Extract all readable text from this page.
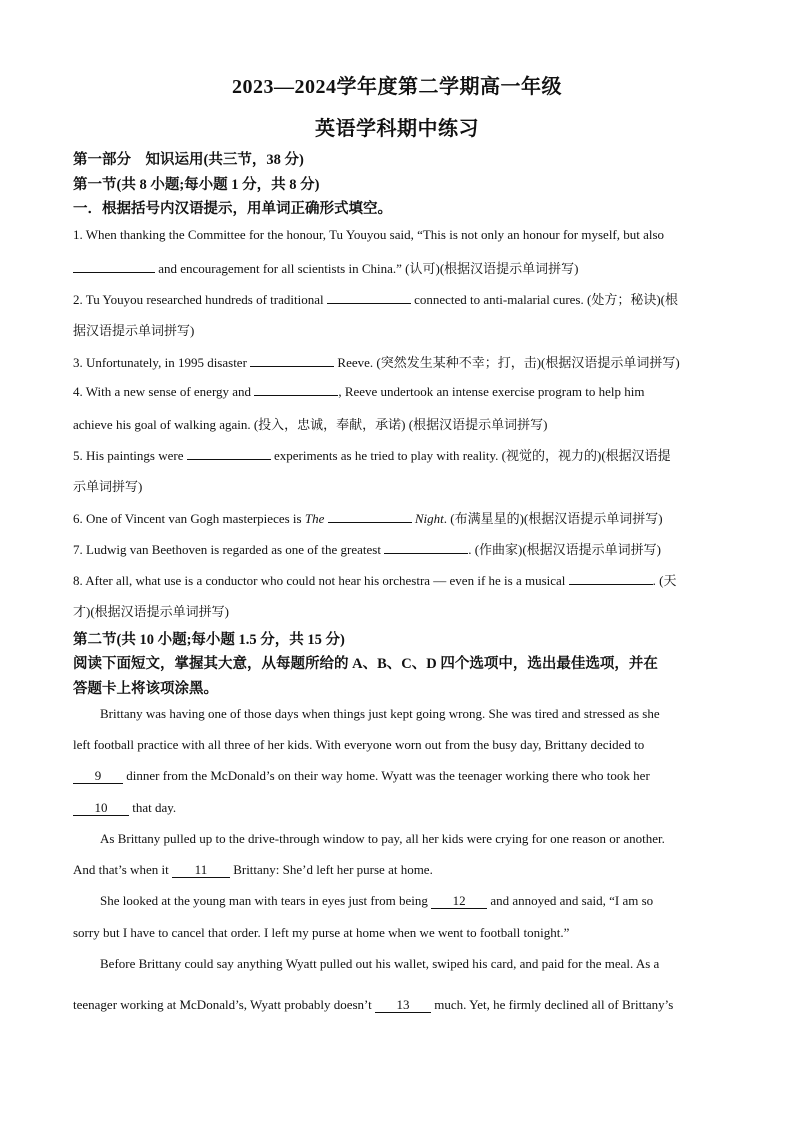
2023—2024学年度第二学期高一年级
英语学科期中练习
第一部分　知识运用(共三节，38 分)
第一节(共 8 小题;每小题 1 分，共 8 分)
一．根据括号内汉语提示，用单词正确形式填空。
1. When thanking the Committee for the honour, Tu Youyou said, “This is not only an honour for myself, but also
and encouragement for all scientists in China.” (认可)(根据汉语提示单词拼写)
2. Tu Youyou researched hundreds of traditional	connected to anti-malarial cures. (处方；秘诀)(根
据汉语提示单词拼写)
3. Unfortunately, in 1995 disaster	Reeve. (突然发生某种不幸；打，击)(根据汉语提示单词拼写)
4. With a new sense of energy and	, Reeve undertook an intense exercise program to help him
achieve his goal of walking again. (投入，忠诚，奉献，承诺) (根据汉语提示单词拼写)
5. His paintings were	experiments as he tried to play with reality. (视觉的，视力的)(根据汉语提
示单词拼写)
6. One of Vincent van Gogh masterpieces is The	Night. (布满星星的)(根据汉语提示单词拼写)
7. Ludwig van Beethoven is regarded as one of the greatest	. (作曲家)(根据汉语提示单词拼写)
8. After all, what use is a conductor who could not hear his orchestra — even if he is a musical	. (天
才)(根据汉语提示单词拼写)
第二节(共 10 小题;每小题 1.5 分，共 15 分)
阅读下面短文，掌握其大意，从每题所给的 A、B、C、D 四个选项中，选出最佳选项，并在
答题卡上将该项涂黑。
Brittany was having one of those days when things just kept going wrong. She was tired and stressed as she
left football practice with all three of her kids. With everyone worn out from the busy day, Brittany decided to
9 dinner from the McDonald’s on their way home. Wyatt was the teenager working there who took her
10 that day.
As Brittany pulled up to the drive-through window to pay, all her kids were crying for one reason or another.
And that’s when it 11 Brittany: She’d left her purse at home.
She looked at the young man with tears in eyes just from being 12 and annoyed and said, “I am so
sorry but I have to cancel that order. I left my purse at home when we went to football tonight.”
Before Brittany could say anything Wyatt pulled out his wallet, swiped his card, and paid for the meal. As a
teenager working at McDonald’s, Wyatt probably doesn’t 13 much. Yet, he firmly declined all of Brittany’s
